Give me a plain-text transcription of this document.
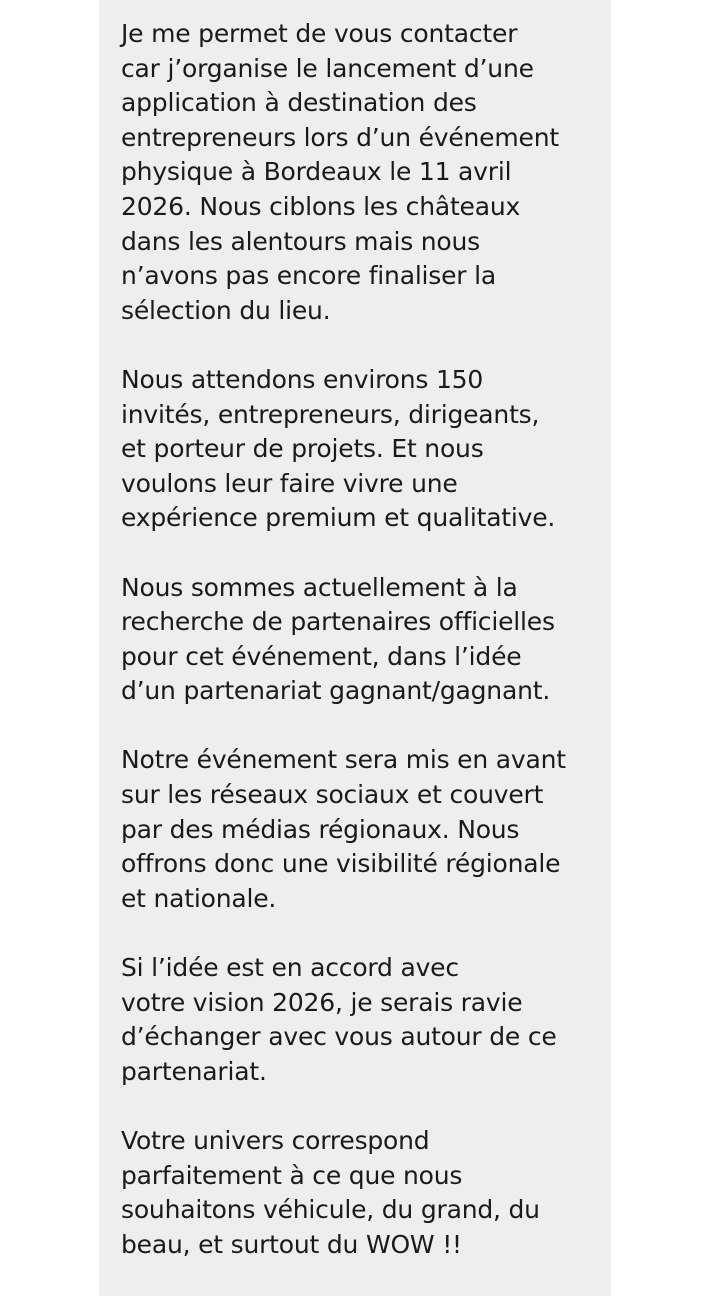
Je me permet de vous contacter
car j’organise le lancement d’une
application à destination des
entrepreneurs lors d’un événement
physique à Bordeaux le 11 avril
2026. Nous ciblons les châteaux
dans les alentours mais nous
n’avons pas encore finaliser la
sélection du lieu.
Nous attendons environs 150
invités, entrepreneurs, dirigeants,
et porteur de projets. Et nous
voulons leur faire vivre une
expérience premium et qualitative.
Nous sommes actuellement à la
recherche de partenaires officielles
pour cet événement, dans l’idée
d’un partenariat gagnant/gagnant.
Notre événement sera mis en avant
sur les réseaux sociaux et couvert
par des médias régionaux. Nous
offrons donc une visibilité régionale
et nationale.
Si l’idée est en accord avec
votre vision 2026, je serais ravie
d’échanger avec vous autour de ce
partenariat.
Votre univers correspond
parfaitement à ce que nous
souhaitons véhicule, du grand, du
beau, et surtout du WOW !!
